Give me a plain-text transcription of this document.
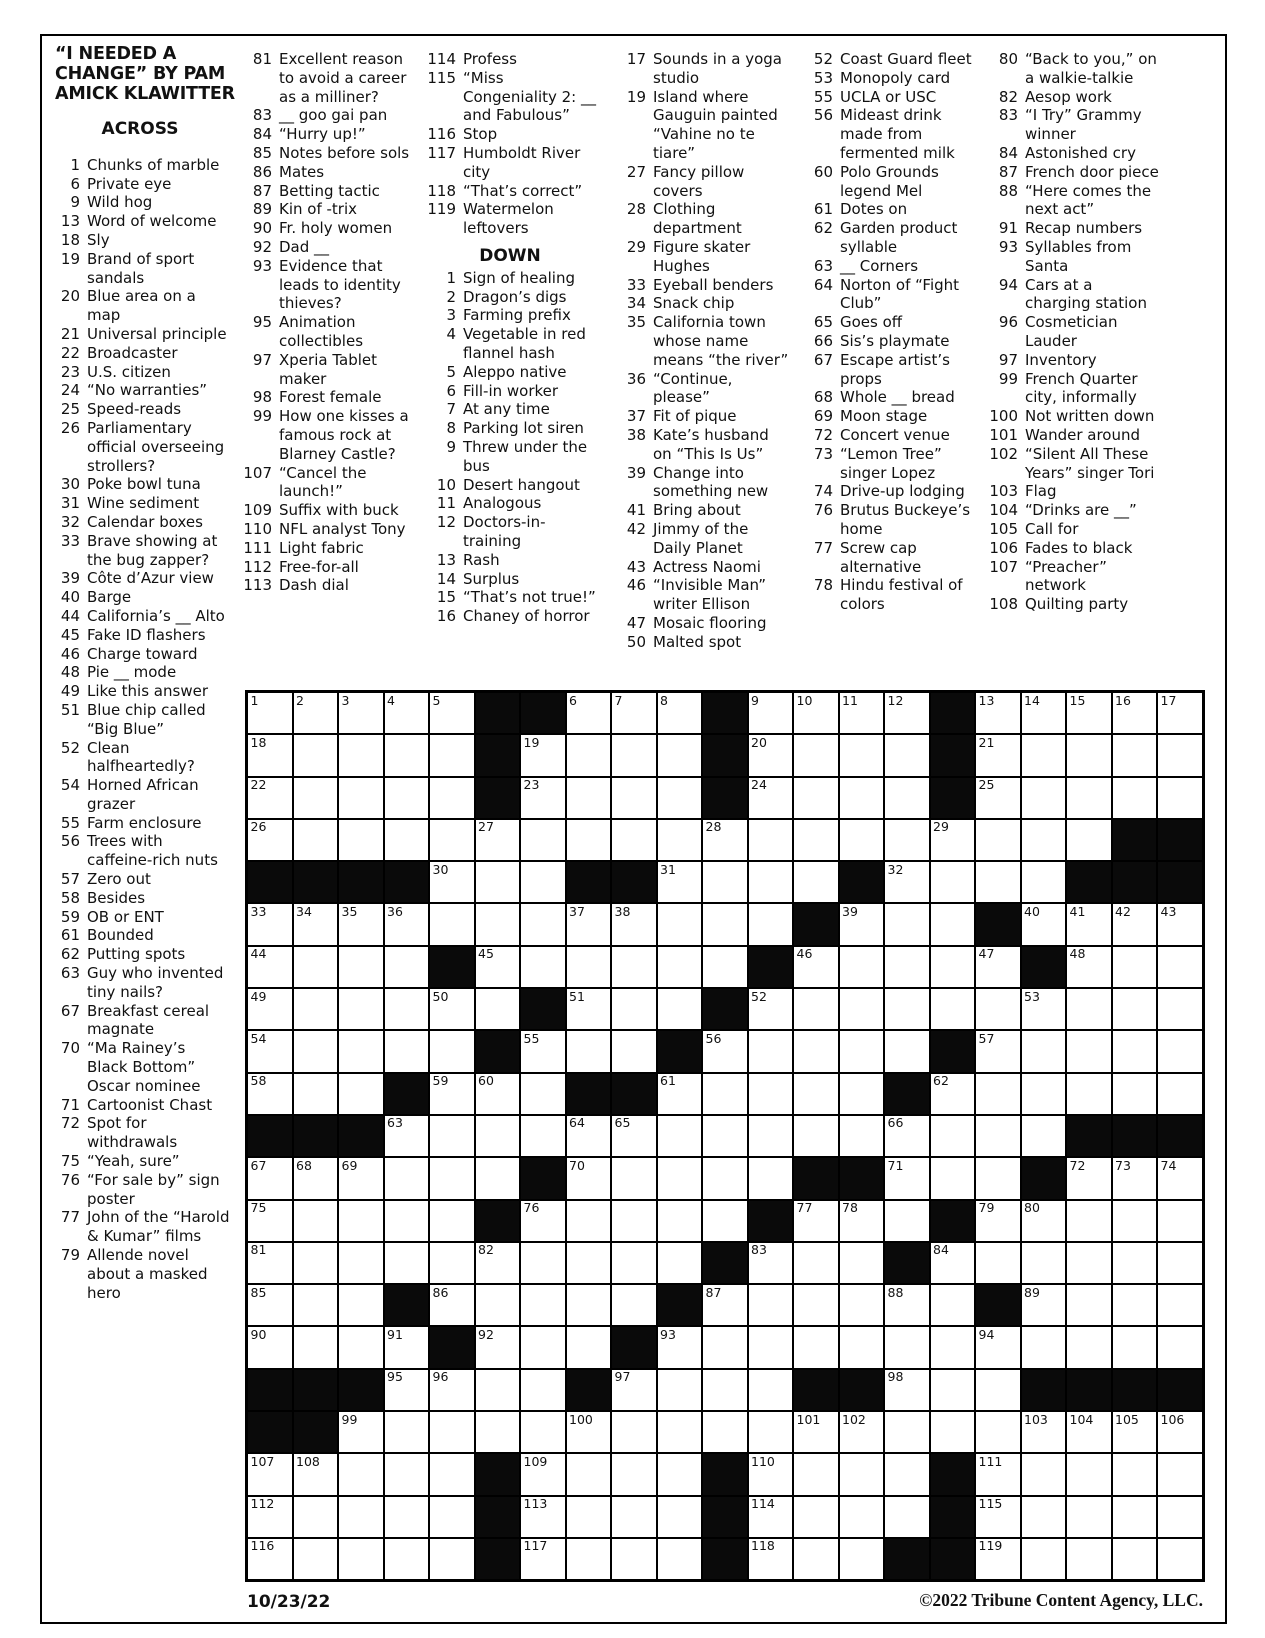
“I NEEDED A
CHANGE” BY PAM
AMICK KLAWITTER
ACROSS
1 Chunks of marble
6 Private eye
9 Wild hog
13 Word of welcome
18 Sly
19 Brand of sport sandals
20 Blue area on a map
21 Universal principle
22 Broadcaster
23 U.S. citizen
24 “No warranties”
25 Speed-reads
26 Parliamentary official overseeing strollers?
30 Poke bowl tuna
31 Wine sediment
32 Calendar boxes
33 Brave showing at the bug zapper?
39 Côte d’Azur view
40 Barge
44 California’s __ Alto
45 Fake ID flashers
46 Charge toward
48 Pie __ mode
49 Like this answer
51 Blue chip called “Big Blue”
52 Clean halfheartedly?
54 Horned African grazer
55 Farm enclosure
56 Trees with caffeine-rich nuts
57 Zero out
58 Besides
59 OB or ENT
61 Bounded
62 Putting spots
63 Guy who invented tiny nails?
67 Breakfast cereal magnate
70 “Ma Rainey’s Black Bottom” Oscar nominee
71 Cartoonist Chast
72 Spot for withdrawals
75 “Yeah, sure”
76 “For sale by” sign poster
77 John of the “Harold & Kumar” films
79 Allende novel about a masked hero
81 Excellent reason to avoid a career as a milliner?
83 __ goo gai pan
84 “Hurry up!”
85 Notes before sols
86 Mates
87 Betting tactic
89 Kin of -trix
90 Fr. holy women
92 Dad __
93 Evidence that leads to identity thieves?
95 Animation collectibles
97 Xperia Tablet maker
98 Forest female
99 How one kisses a famous rock at Blarney Castle?
107 “Cancel the launch!”
109 Suffix with buck
110 NFL analyst Tony
111 Light fabric
112 Free-for-all
113 Dash dial
114 Profess
115 “Miss Congeniality 2: __ and Fabulous”
116 Stop
117 Humboldt River city
118 “That’s correct”
119 Watermelon leftovers
DOWN
1 Sign of healing
2 Dragon’s digs
3 Farming prefix
4 Vegetable in red flannel hash
5 Aleppo native
6 Fill-in worker
7 At any time
8 Parking lot siren
9 Threw under the bus
10 Desert hangout
11 Analogous
12 Doctors-in-training
13 Rash
14 Surplus
15 “That’s not true!”
16 Chaney of horror
17 Sounds in a yoga studio
19 Island where Gauguin painted “Vahine no te tiare”
27 Fancy pillow covers
28 Clothing department
29 Figure skater Hughes
33 Eyeball benders
34 Snack chip
35 California town whose name means “the river”
36 “Continue, please”
37 Fit of pique
38 Kate’s husband on “This Is Us”
39 Change into something new
41 Bring about
42 Jimmy of the Daily Planet
43 Actress Naomi
46 “Invisible Man” writer Ellison
47 Mosaic flooring
50 Malted spot
52 Coast Guard fleet
53 Monopoly card
55 UCLA or USC
56 Mideast drink made from fermented milk
60 Polo Grounds legend Mel
61 Dotes on
62 Garden product syllable
63 __ Corners
64 Norton of “Fight Club”
65 Goes off
66 Sis’s playmate
67 Escape artist’s props
68 Whole __ bread
69 Moon stage
72 Concert venue
73 “Lemon Tree” singer Lopez
74 Drive-up lodging
76 Brutus Buckeye’s home
77 Screw cap alternative
78 Hindu festival of colors
80 “Back to you,” on a walkie-talkie
82 Aesop work
83 “I Try” Grammy winner
84 Astonished cry
87 French door piece
88 “Here comes the next act”
91 Recap numbers
93 Syllables from Santa
94 Cars at a charging station
96 Cosmetician Lauder
97 Inventory
99 French Quarter city, informally
100 Not written down
101 Wander around
102 “Silent All These Years” singer Tori
103 Flag
104 “Drinks are __”
105 Call for
106 Fades to black
107 “Preacher” network
108 Quilting party
1	2	3	4	5	6	7	8	9	10 11 12	13 14 15 16 17
18	19	20	21
22	23	24	25
26	27	28	29
30	31	32
33 34 35 36	37 38	39	40 41 42 43
44	45	46	47	48
49	50	51	52	53
54	55	56	57
58	59 60	61	62
63	64 65	66
67 68 69	70	71	72 73 74
75	76	77 78	79 80
81	82	83	84
85	86	87	88	89
90	91	92	93	94
95 96	97	98
99	100	101 102	103 104 105 106
107 108	109	110	111
112	113	114	115
116	117	118	119
10/23/22	©2022 Tribune Content Agency, LLC.
